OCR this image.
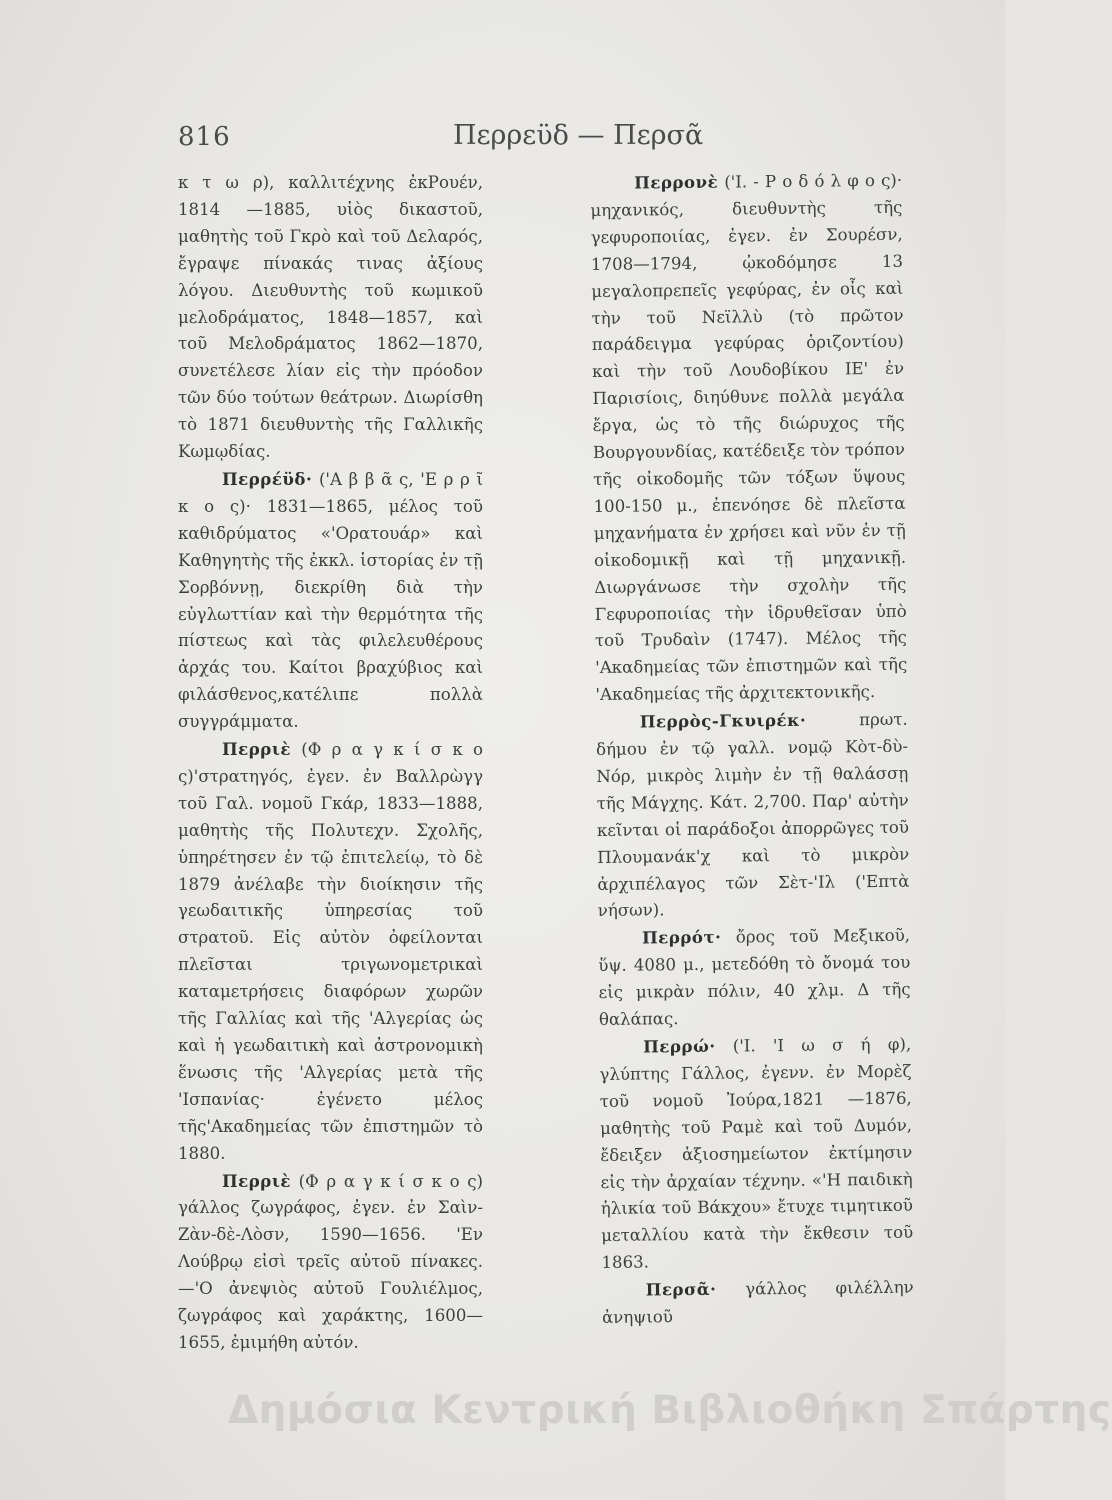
816	Περρεϋδ — Περσᾶ

κ τ ω ρ), καλλιτέχνης ἐκΡουέν, 1814 —1885, υἱὸς δικαστοῦ, μαθητὴς τοῦ Γκρὸ καὶ τοῦ Δελαρός, ἔγραψε πίνακάς τινας ἀξίους λόγου. Διευθυντὴς τοῦ κωμικοῦ μελοδράματος, 1848—1857, καὶ τοῦ Μελοδράματος 1862—1870, συνετέλεσε λίαν εἰς τὴν πρόοδον τῶν δύο τούτων θεάτρων. Διωρίσθη τὸ 1871 διευθυντὴς τῆς Γαλλικῆς Κωμῳδίας.

Περρέϋδ· ('Α β β ᾶ ς, 'Ε ρ ρ ῖ κ ο ς)· 1831—1865, μέλος τοῦ καθιδρύματος «'Ορατουάρ» καὶ Καθηγητὴς τῆς ἐκκλ. ἱστορίας ἐν τῇ Σορβόννῃ, διεκρίθη διὰ τὴν εὐγλωττίαν καὶ τὴν θερμότητα τῆς πίστεως καὶ τὰς φιλελευθέρους ἀρχάς του. Καίτοι βραχύβιος καὶ φιλάσθενος,κατέλιπε πολλὰ συγγράμματα.

Περριὲ (Φ ρ α γ κ ί σ κ ο ς)'στρατηγός, ἐγεν. ἐν Βαλλρὼγγ τοῦ Γαλ. νομοῦ Γκάρ, 1833—1888, μαθητὴς τῆς Πολυτεχν. Σχολῆς, ὑπηρέτησεν ἐν τῷ ἐπιτελείῳ, τὸ δὲ 1879 ἀνέλαβε τὴν διοίκησιν τῆς γεωδαιτικῆς ὑπηρεσίας τοῦ στρατοῦ. Εἰς αὐτὸν ὀφείλονται πλεῖσται τριγωνομετρικαὶ καταμετρήσεις διαφόρων χωρῶν τῆς Γαλλίας καὶ τῆς 'Αλγερίας ὡς καὶ ἡ γεωδαιτικὴ καὶ ἀστρονομικὴ ἕνωσις τῆς 'Αλγερίας μετὰ τῆς 'Ισπανίας· ἐγένετο μέλος τῆς'Ακαδημείας τῶν ἐπιστημῶν τὸ 1880.

Περριὲ (Φ ρ α γ κ ί σ κ ο ς) γάλλος ζωγράφος, ἐγεν. ἐν Σαὶν-Ζὰν-δὲ-Λὸσν, 1590—1656. 'Εν Λούβρῳ εἰσὶ τρεῖς αὐτοῦ πίνακες.—'Ο ἀνεψιὸς αὐτοῦ Γουλιέλμος, ζωγράφος καὶ χαράκτης, 1600—1655, ἐμιμήθη αὐτόν.

Περρονὲ ('Ι. - Ρ ο δ ό λ φ ο ς)· μηχανικός, διευθυντὴς τῆς γεφυροποιίας, ἐγεν. ἐν Σουρέσν, 1708—1794, ᾠκοδόμησε 13 μεγαλοπρεπεῖς γεφύρας, ἐν οἷς καὶ τὴν τοῦ Νεϊλλὺ (τὸ πρῶτον παράδειγμα γεφύρας ὁριζοντίου) καὶ τὴν τοῦ Λουδοβίκου ΙΕ' ἐν Παρισίοις, διηύθυνε πολλὰ μεγάλα ἔργα, ὡς τὸ τῆς διώρυχος τῆς Βουργουνδίας, κατέδειξε τὸν τρόπον τῆς οἰκοδομῆς τῶν τόξων ὕψους 100-150 μ., ἐπενόησε δὲ πλεῖστα μηχανήματα ἐν χρήσει καὶ νῦν ἐν τῇ οἰκοδομικῇ καὶ τῇ μηχανικῇ. Διωργάνωσε τὴν σχολὴν τῆς Γεφυροποιίας τὴν ἱδρυθεῖσαν ὑπὸ τοῦ Τρυδαὶν (1747). Μέλος τῆς 'Ακαδημείας τῶν ἐπιστημῶν καὶ τῆς 'Ακαδημείας τῆς ἀρχιτεκτονικῆς.

Περρὸς-Γκυιρέκ·	πρωτ. δήμου ἐν τῷ γαλλ. νομῷ Κὸτ-δὺ-Νόρ, μικρὸς λιμὴν ἐν τῇ θαλάσσῃ τῆς Μάγχης. Κάτ. 2,700. Παρ' αὐτὴν κεῖνται οἱ παράδοξοι ἀπορρῶγες τοῦ Πλουμανάκ'χ καὶ τὸ μικρὸν ἀρχιπέλαγος τῶν Σὲτ-'Ιλ ('Επτὰ νήσων).

Περρότ· ὄρος τοῦ Μεξικοῦ, ὕψ. 4080 μ., μετεδόθη τὸ ὄνομά του εἰς μικρὰν πόλιν, 40 χλμ. Δ τῆς θαλάπας.

Περρώ· ('Ι. 'Ι ω σ ή φ), γλύπτης Γάλλος, ἐγενν. ἐν Μορὲζ τοῦ νομοῦ Ἰούρα,1821 —1876, μαθητὴς τοῦ Ραμὲ καὶ τοῦ Δυμόν, ἔδειξεν ἀξιοσημείωτον ἐκτίμησιν εἰς τὴν ἀρχαίαν τέχνην. «'Η παιδικὴ ἡλικία τοῦ Βάκχου» ἔτυχε τιμητικοῦ μεταλλίου κατὰ τὴν ἔκθεσιν τοῦ 1863.

Περσᾶ· γάλλος φιλέλλην ἀνηψιοῦ

Δημόσια Κεντρική Βιβλιοθήκη Σπάρτης
